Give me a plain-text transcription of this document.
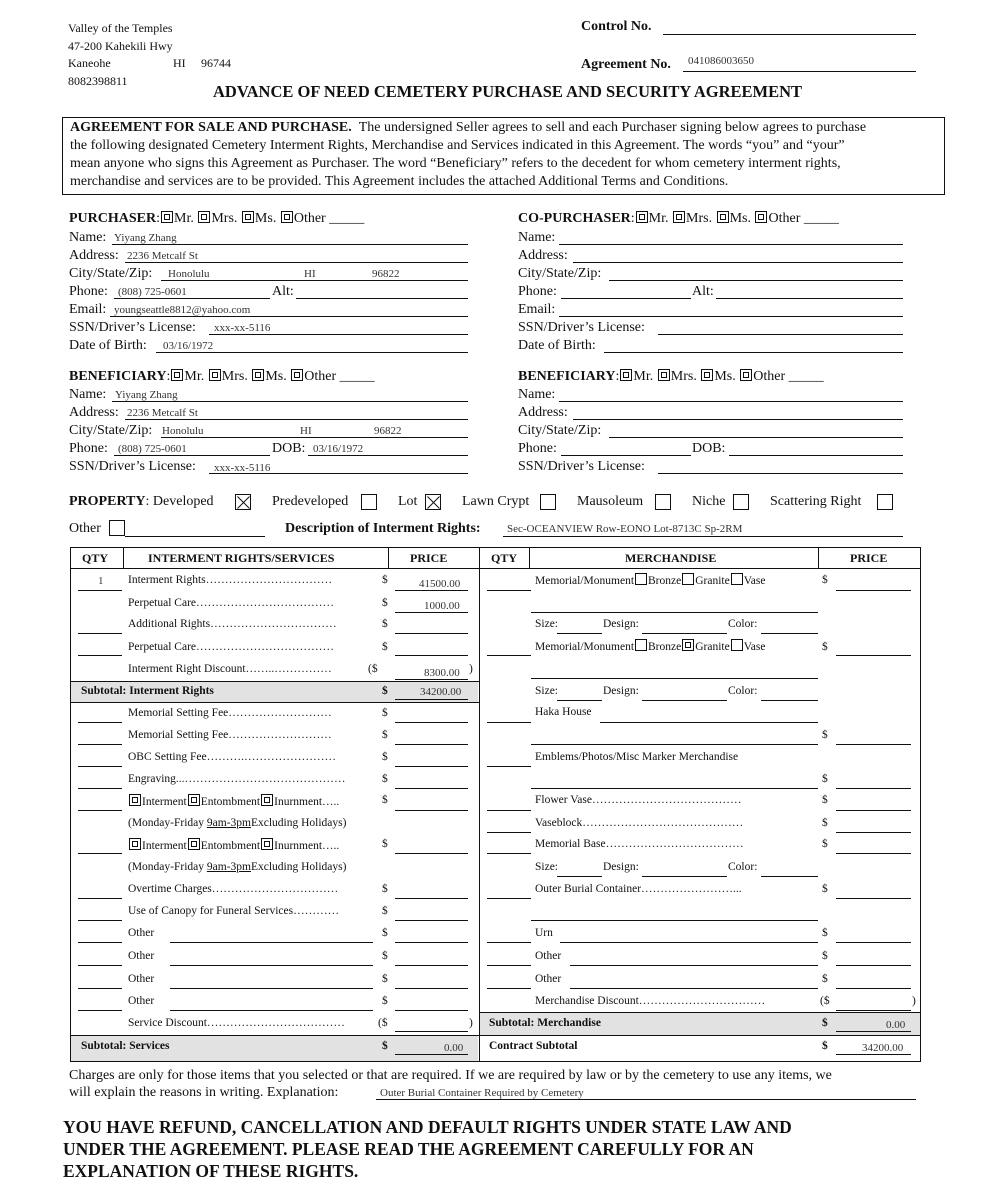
Valley of the Temples
47-200 Kahekili Hwy
Kaneohe	HI 96744
8082398811
Control No.
Agreement No. 041086003650
ADVANCE OF NEED CEMETERY PURCHASE AND SECURITY AGREEMENT
AGREEMENT FOR SALE AND PURCHASE. The undersigned Seller agrees to sell and each Purchaser signing below agrees to purchase
the following designated Cemetery Interment Rights, Merchandise and Services indicated in this Agreement. The words “you” and “your”
mean anyone who signs this Agreement as Purchaser. The word “Beneficiary” refers to the decedent for whom cemetery interment rights,
merchandise and services are to be provided. This Agreement includes the attached Additional Terms and Conditions.
PURCHASER: Mr. Mrs. Ms. Other _____
Name: Yiyang Zhang
Address: 2236 Metcalf St
City/State/Zip: Honolulu	HI	96822
Phone: (808) 725-0601	Alt:
Email: youngseattle8812@yahoo.com
SSN/Driver’s License: xxx-xx-5116
Date of Birth: 03/16/1972
CO-PURCHASER: Mr. Mrs. Ms. Other _____
Name:
Address:
City/State/Zip:
Phone:	Alt:
Email:
SSN/Driver’s License:
Date of Birth:
BENEFICIARY: Mr. Mrs. Ms. Other _____
Name: Yiyang Zhang
Address: 2236 Metcalf St
City/State/Zip: Honolulu	HI	96822
Phone: (808) 725-0601	DOB: 03/16/1972
SSN/Driver’s License: xxx-xx-5116
BENEFICIARY: Mr. Mrs. Ms. Other _____
Name:
Address:
City/State/Zip:
Phone:	DOB:
SSN/Driver’s License:
PROPERTY: Developed	Predeveloped	Lot	Lawn Crypt	Mausoleum	Niche	Scattering Right
Other	Description of Interment Rights: Sec-OCEANVIEW Row-EONO Lot-8713C Sp-2RM
QTY	INTERMENT RIGHTS/SERVICES	PRICE	QTY	MERCHANDISE	PRICE
1 Interment Rights……………………………	$	41500.00
Perpetual Care………………………………	$	1000.00
Additional Rights……………………………	$
Perpetual Care………………………………	$
Interment Right Discount……..……………	($	8300.00 )
Subtotal: Interment Rights	$	34200.00
Memorial Setting Fee………………………	$
Memorial Setting Fee………………………	$
OBC Setting Fee……….……………………	$
Engraving...……………………………………	$
Interment Entombment Inurnment…..	$
(Monday-Friday 9am-3pmExcluding Holidays)
Interment Entombment Inurnment…..	$
(Monday-Friday 9am-3pmExcluding Holidays)
Overtime Charges……………………………	$
Use of Canopy for Funeral Services…………	$
Other	$
Other	$
Other	$
Other	$
Service Discount………………………………	($	)
Subtotal: Services	$	0.00
Memorial/Monument Bronze Granite Vase	$
Size:	Design:	Color:
Memorial/Monument Bronze Granite Vase	$
Size:	Design:	Color:
Haka House
$
Emblems/Photos/Misc Marker Merchandise
$
Flower Vase…………………………………	$
Vaseblock……………………………………	$
Memorial Base………………………………	$
Size:	Design:	Color:
Outer Burial Container……………………...	$
Urn	$
Other	$
Other	$
Merchandise Discount……………………………	($	)
Subtotal: Merchandise	$	0.00
Contract Subtotal	$	34200.00
Charges are only for those items that you selected or that are required. If we are required by law or by the cemetery to use any items, we
will explain the reasons in writing. Explanation:	Outer Burial Container Required by Cemetery
YOU HAVE REFUND, CANCELLATION AND DEFAULT RIGHTS UNDER STATE LAW AND
UNDER THE AGREEMENT. PLEASE READ THE AGREEMENT CAREFULLY FOR AN
EXPLANATION OF THESE RIGHTS.
